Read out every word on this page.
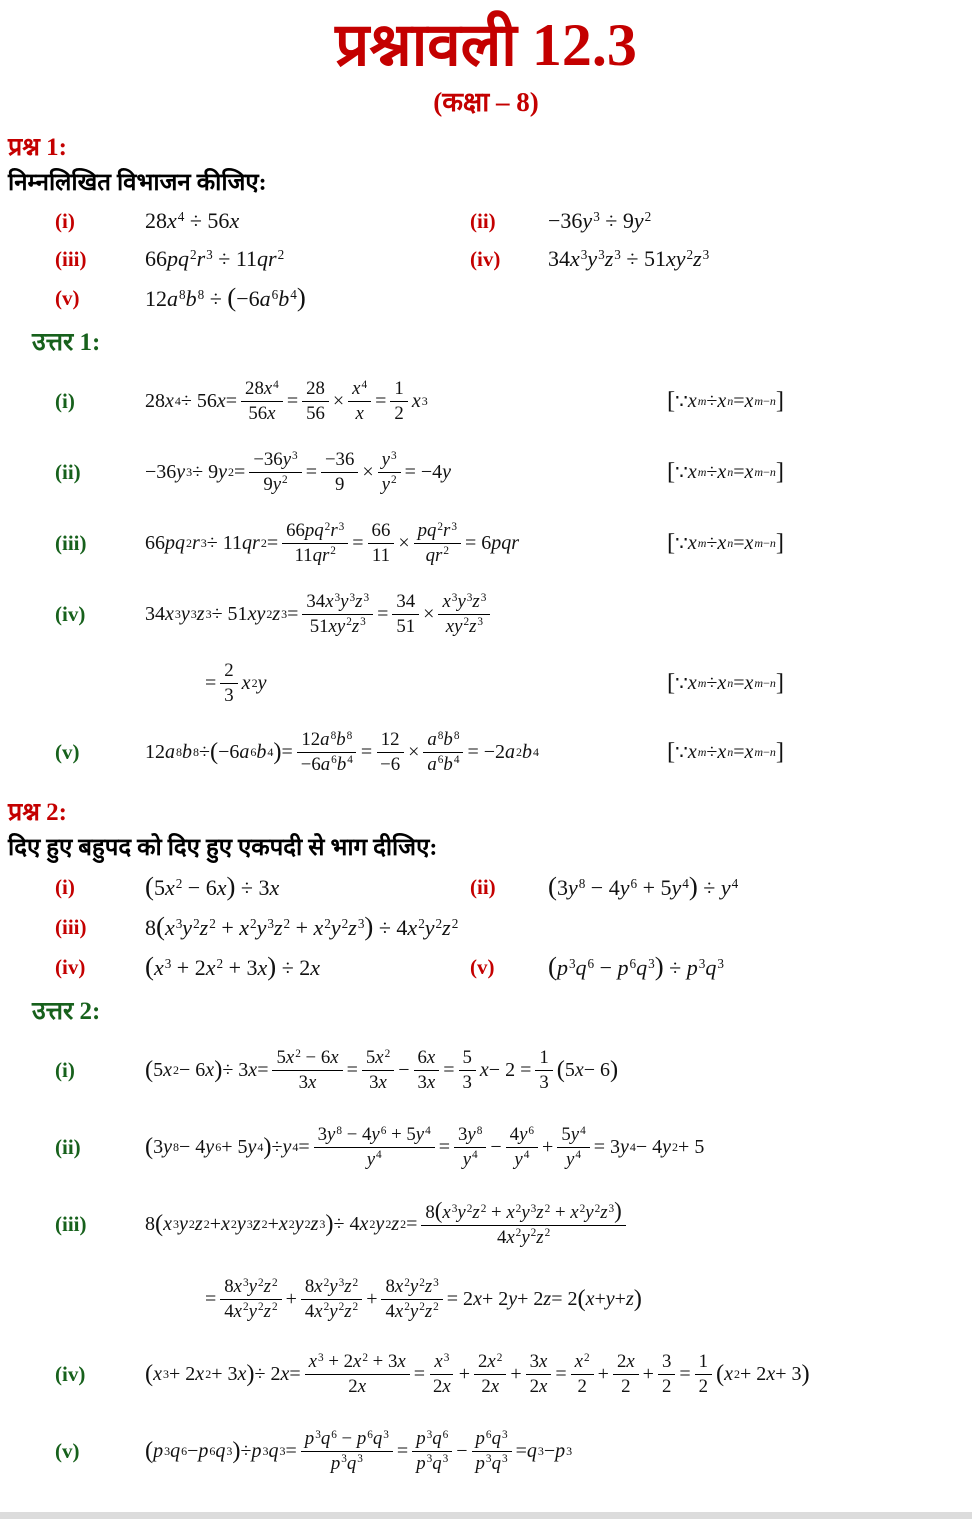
प्रश्नावली 12.3
(कक्षा – 8)
प्रश्न 1:
निम्नलिखित विभाजन कीजिए:
(i)	$28x^4 \div 56x$	(ii)	$-36y^3 \div 9y^2$
(iii)	$66pq^2r^3 \div 11qr^2$	(iv)	$34x^3y^3z^3 \div 51xy^2z^3$
(v)	$12a^8b^8 \div (-6a^6b^4)$
उत्तर 1:
(i)	28 x 4 ÷ 56 $x = \frac{28x^4}{56x} = \frac{28}{56} \times \frac{x^4}{x} = \frac{1}{2}$ x 3	[ ∵ x m ÷ x n = x m−n ]
(ii)	−36 y 3 ÷ 9 y $2 = \frac{-36y^3}{9y^2} = \frac{-36}{9} \times \frac{y^3}{y^2} = -4$ y	[ ∵ x m ÷ x n = x m−n ]
(iii)	66 pq 2 r 3 ÷ 11 qr $2 = \frac{66pq^2r^3}{11qr^2} = \frac{66}{11} \times \frac{pq^2r^3}{qr^2} = 6$ pqr	[ ∵ x m ÷ x n = x m−n ]
(iv)	34 x 3 y 3 z 3 ÷ 51 xy 2 z $3 = \frac{34x^3y^3z^3}{51xy^2z^3} = \frac{34}{51} \times \frac{x^3y^3z^3}{xy^2z^3}$
= $\frac{2}{3}$ x 2 y	[ ∵ x m ÷ x n = x m−n ]
(v)	12 a 8 b 8 ÷ ( −6 a 6 b 4 ) = $\frac{12a^8b^8}{-6a^6b^4} = \frac{12}{-6} \times \frac{a^8b^8}{a^6b^4} = -2$ a 2 b 4	[ ∵ x m ÷ x n = x m−n ]
प्रश्न 2:
दिए हुए बहुपद को दिए हुए एकपदी से भाग दीजिए:
(i)	$(5x^2 - 6x) \div 3x$	(ii)	$(3y^8 - 4y^6 + 5y^4) \div y^4$
(iii)	$8(x^3y^2z^2 + x^2y^3z^2 + x^2y^2z^3) \div 4x^2y^2z^2$
(iv)	$(x^3 + 2x^2 + 3x) \div 2x$	(v)	$(p^3q^6 - p^6q^3) \div p^3q^3$
उत्तर 2:
(i)	( 5 x 2 − 6 x ) ÷ 3 $x = \frac{5x^2 - 6x}{3x} = \frac{5x^2}{3x} - \frac{6x}{3x} = \frac{5}{3}$ $x - 2 = \frac{1}{3}$ ( 5 x − 6 )
(ii)	( 3 y 8 − 4 y 6 + 5 y 4 ) ÷ y $4 = \frac{3y^8 - 4y^6 + 5y^4}{y^4} = \frac{3y^8}{y^4} - \frac{4y^6}{y^4} + \frac{5y^4}{y^4} = 3$ y 4 − 4 y 2 + 5
(iii)	8 ( x 3 y 2 z 2 + x 2 y 3 z 2 + x 2 y 2 z 3 ) ÷ 4 x 2 y 2 z $2 = \frac{8(x^3y^2z^2 + x^2y^3z^2 + x^2y^2z^3)}{4x^2y^2z^2}$
= $\frac{8x^3y^2z^2}{4x^2y^2z^2} + \frac{8x^2y^3z^2}{4x^2y^2z^2} + \frac{8x^2y^2z^3}{4x^2y^2z^2} = 2$ x + 2 y + 2 z = 2 ( x + y + z )
(iv)	( x 3 + 2 x 2 + 3 x ) ÷ 2 $x = \frac{x^3 + 2x^2 + 3x}{2x} = \frac{x^3}{2x} + \frac{2x^2}{2x} + \frac{3x}{2x} = \frac{x^2}{2} + \frac{2x}{2} + \frac{3}{2} = \frac{1}{2}$ ( x 2 + 2 x + 3 )
(v)	( p 3 q 6 − p 6 q 3 ) ÷ p 3 q $3 = \frac{p^3q^6 - p^6q^3}{p^3q^3} = \frac{p^3q^6}{p^3q^3} - \frac{p^6q^3}{p^3q^3} = q$ 3 − p 3
